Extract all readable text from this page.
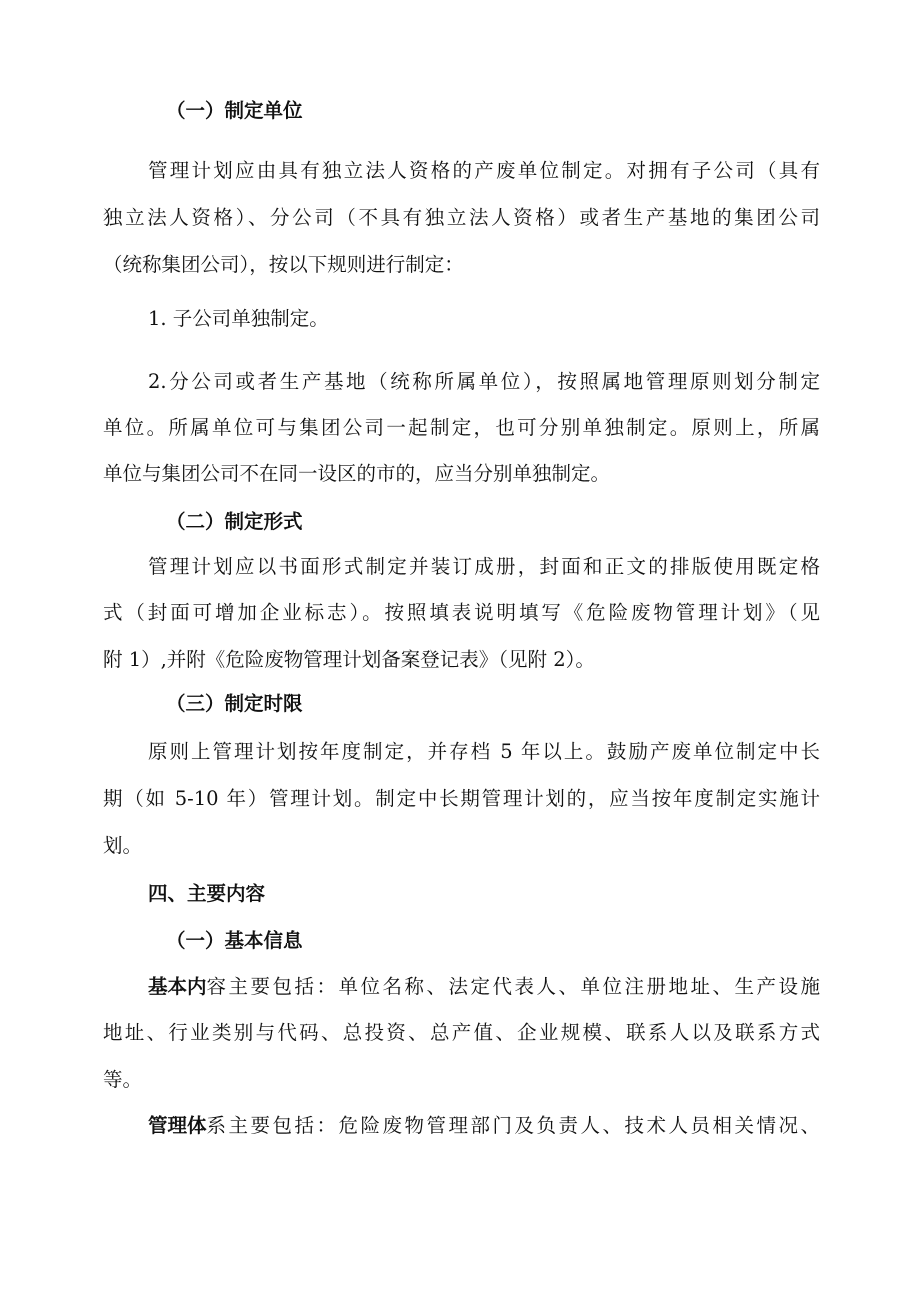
（一）制定单位
管理计划应由具有独立法人资格的产废单位制定。对拥有子公司（具有
独立法人资格）、分公司（不具有独立法人资格）或者生产基地的集团公司
（统称集团公司），按以下规则进行制定：
1. 子公司单独制定。
2.分公司或者生产基地（统称所属单位），按照属地管理原则划分制定
单位。所属单位可与集团公司一起制定，也可分别单独制定。原则上，所属
单位与集团公司不在同一设区的市的，应当分别单独制定。
（二）制定形式
管理计划应以书面形式制定并装订成册，封面和正文的排版使用既定格
式（封面可增加企业标志）。按照填表说明填写《危险废物管理计划》（见
附 1）,并附《危险废物管理计划备案登记表》（见附 2）。
（三）制定时限
原则上管理计划按年度制定，并存档 5 年以上。鼓励产废单位制定中长
期（如 5-10 年）管理计划。制定中长期管理计划的，应当按年度制定实施计
划。
四、主要内容
（一）基本信息
基本内 容主要包括：单位名称、法定代表人、单位注册地址、生产设施
地址、行业类别与代码、总投资、总产值、企业规模、联系人以及联系方式
等。
管理体 系主要包括：危险废物管理部门及负责人、技术人员相关情况、
